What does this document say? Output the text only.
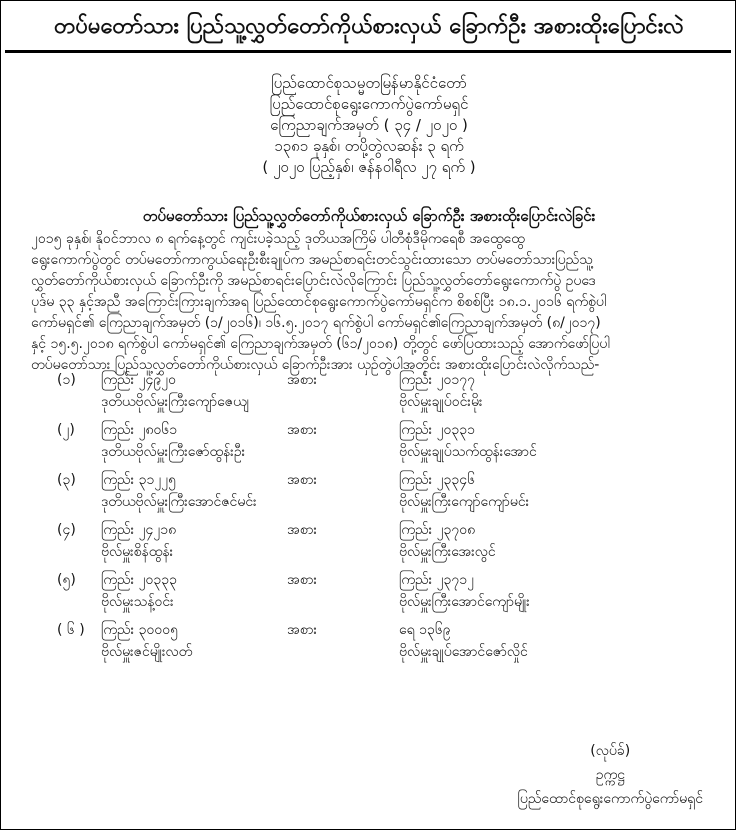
တပ်မတော်သား ပြည်သူ့လွှတ်တော်ကိုယ်စားလှယ် ခြောက်ဦး အစားထိုးပြောင်းလဲ
ပြည်ထောင်စုသမ္မတမြန်မာနိုင်ငံတော်
ပြည်ထောင်စုရွေးကောက်ပွဲကော်မရှင်
ကြေညာချက်အမှတ် ( ၃၄ / ၂၀၂၀ )
၁၃၈၁ ခုနှစ်၊ တပို့တွဲလဆန်း ၃ ရက်
( ၂၀၂၀ ပြည့်နှစ်၊ ဇန်နဝါရီလ ၂၇ ရက် )
တပ်မတော်သား ပြည်သူ့လွှတ်တော်ကိုယ်စားလှယ် ခြောက်ဦး အစားထိုးပြောင်းလဲခြင်း
၂၀၁၅ ခုနှစ်၊ နိုဝင်ဘာလ ၈ ရက်နေ့တွင် ကျင်းပခဲ့သည့် ဒုတိယအကြိမ် ပါတီစုံဒီမိုကရေစီ အထွေထွေ
ရွေးကောက်ပွဲတွင် တပ်မတော်ကာကွယ်ရေးဦးစီးချုပ်က အမည်စာရင်းတင်သွင်းထားသော တပ်မတော်သားပြည်သူ့
လွှတ်တော်ကိုယ်စားလှယ် ခြောက်ဦးကို အမည်စာရင်းပြောင်းလဲလိုကြောင်း ပြည်သူ့လွှတ်တော်ရွေးကောက်ပွဲ ဥပဒေ
ပုဒ်မ ၃၃ နှင့်အညီ အကြောင်းကြားချက်အရ ပြည်ထောင်စုရွေးကောက်ပွဲကော်မရှင်က စိစစ်ပြီး ၁၈.၁.၂၀၁၆ ရက်စွဲပါ
ကော်မရှင်၏ ကြေညာချက်အမှတ် (၁/၂၀၁၆)၊ ၁၆.၅.၂၀၁၇ ရက်စွဲပါ ကော်မရှင်၏ကြေညာချက်အမှတ် (၈/၂၀၁၇)
နှင့် ၁၅.၅.၂၀၁၈ ရက်စွဲပါ ကော်မရှင်၏ ကြေညာချက်အမှတ် (၆၁/၂၀၁၈) တို့တွင် ဖော်ပြထားသည့် အောက်ဖော်ပြပါ
တပ်မတော်သား ပြည်သူ့လွှတ်တော်ကိုယ်စားလှယ် ခြောက်ဦးအား ယှဉ်တွဲပါအတိုင်း အစားထိုးပြောင်းလဲလိုက်သည်-
(၁)	ကြည်း ၂၄၉၂၀
ဒုတိယဗိုလ်မှူးကြီးကျော်ဇေယျ
အစား	ကြည်း ၂၀၁၇၇
ဗိုလ်မှူးချုပ်ဝင်းမိုး
(၂)	ကြည်း ၂၈၀၆၁
ဒုတိယဗိုလ်မှူးကြီးဇော်ထွန်းဦး
အစား	ကြည်း ၂၀၃၃၁
ဗိုလ်မှူးချုပ်သက်ထွန်းအောင်
(၃)	ကြည်း ၃၁၂၂၅
ဒုတိယဗိုလ်မှူးကြီးအောင်ဇင်မင်း
အစား	ကြည်း ၂၃၃၄၆
ဗိုလ်မှူးကြီးကျော်ကျော်မင်း
(၄)	ကြည်း ၂၄၂၁၈
ဗိုလ်မှူးစိန်ထွန်း
အစား	ကြည်း ၂၃၇၀၈
ဗိုလ်မှူးကြီးအေးလွင်
(၅)	ကြည်း ၂၀၃၃၃
ဗိုလ်မှူးသန့်ဝင်း
အစား	ကြည်း ၂၃၇၁၂
ဗိုလ်မှူးကြီးအောင်ကျော်မျိုး
( ၆ )	ကြည်း ၃၀၀၀၅
ဗိုလ်မှူးဇင်မျိုးလတ်
အစား	ရေ ၁၃၆၉
ဗိုလ်မှူးချုပ်အောင်ဇော်လှိုင်
(လုပ်ခ်)
ဥက္ကဋ္ဌ
ပြည်ထောင်စုရွေးကောက်ပွဲကော်မရှင်
